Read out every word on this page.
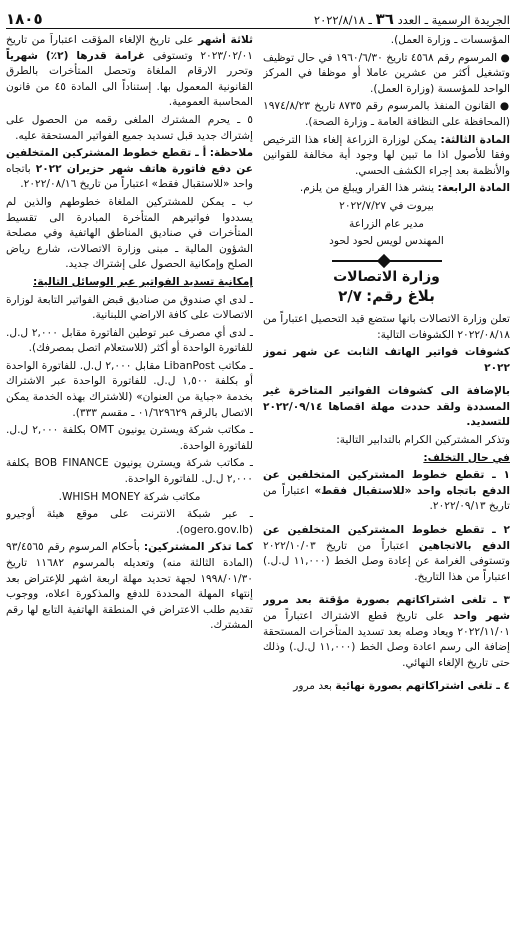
١٨٠٥	الجريدة الرسمية ـ العدد ٣٦ ـ ٢٠٢٢/٨/١٨

المؤسسات ـ وزارة العمل).

● المرسوم رقم ٤٥٦٨ تاريخ ١٩٦٠/٦/٣٠ في حال توظيف وتشغيل أكثر من عشرين عاملا أو موظفا في المركز الواحد للمؤسسة (وزارة العمل).

● القانون المنفذ بالمرسوم رقم ٨٧٣٥ تاريخ ١٩٧٤/٨/٢٣ (المحافظة على النظافة العامة ـ وزارة الصحة).

المادة الثالثة: يمكن لوزارة الزراعة إلغاء هذا الترخيص وفقا للأصول اذا ما تبين لها وجود أية مخالفة للقوانين والأنظمة بعد إجراء الكشف الحسي.

المادة الرابعة: ينشر هذا القرار ويبلغ من يلزم.

بيروت في ٢٠٢٢/٧/٢٧

مدير عام الزراعة

المهندس لويس لحود لحود

وزارة الاتصالات
بلاغ رقم: ٢/٧

تعلن وزارة الاتصالات بانها ستضع قيد التحصيل اعتباراً من ٢٠٢٢/٠٨/١٨ الكشوفات التالية:

كشوفات فواتير الهاتف الثابت عن شهر تموز ٢٠٢٢

بالإضافة الى كشوفات الفواتير المتاخرة غير المسددة ولقد حددت مهلة اقصاها ٢٠٢٢/٠٩/١٤ للتسديد.

وتذكر المشتركين الكرام بالتدابير التالية:

في حال التخلف:

١ ـ تقطع خطوط المشتركين المتخلفين عن الدفع باتجاه واحد «للاستقبال فقط» اعتباراً من تاريخ ٢٠٢٢/٠٩/١٣.

٢ ـ تقطع خطوط المشتركين المتخلفين عن الدفع بالاتجاهين اعتباراً من تاريخ ٢٠٢٢/١٠/٠٣ وتستوفى الغرامة عن إعادة وصل الخط (١١,٠٠٠ ل.ل.) اعتباراً من هذا التاريخ.

٣ ـ تلغى اشتراكاتهم بصورة مؤقتة بعد مرور شهر واحد على تاريخ قطع الاشتراك اعتباراً من ٢٠٢٢/١١/٠١ ويعاد وصله بعد تسديد المتأخرات المستحقة إضافة الى رسم اعادة وصل الخط (١١,٠٠٠ ل.ل.) وذلك حتى تاريخ الإلغاء النهائي.

٤ ـ تلغى اشتراكاتهم بصورة نهائية بعد مرور

ثلاثة أشهر على تاريخ الإلغاء المؤقت اعتباراً من تاريخ ٢٠٢٣/٠٢/٠١ وتستوفى غرامة قدرها (٢٪) شهرياً وتحرر الارقام الملغاة وتحصل المتأخرات بالطرق القانونية المعمول بها. إستناداً الى المادة ٤٥ من قانون المحاسبة العمومية.

٥ ـ يحرم المشترك الملغى رقمه من الحصول على إشتراك جديد قبل تسديد جميع الفواتير المستحقة عليه.

ملاحظة: أ ـ تقطع خطوط المشتركين المتخلفين عن دفع فاتورة هاتف شهر حزيران ٢٠٢٢ باتجاه واحد «للاستقبال فقط» اعتباراً من تاريخ ٢٠٢٢/٠٨/١٦.

ب ـ يمكن للمشتركين الملغاة خطوطهم والذين لم يسددوا فواتيرهم المتأخرة المبادرة الى تقسيط المتأخرات في صناديق المناطق الهاتفية وفي مصلحة الشؤون المالية ـ مبنى وزارة الاتصالات، شارع رياض الصلح وإمكانية الحصول على إشتراك جديد.

إمكانية تسديد الفواتير عبر الوسائل التالية:

ـ لدى اي صندوق من صناديق قبض الفواتير التابعة لوزارة الاتصالات على كافة الاراضي اللبنانية.

ـ لدى أي مصرف عبر توطين الفاتورة مقابل ٢,٠٠٠ ل.ل. للفاتورة الواحدة أو أكثر (للاستعلام اتصل بمصرفك).

ـ مكاتب LibanPost مقابل ٢,٠٠٠ ل.ل. للفاتورة الواحدة أو بكلفة ١,٥٠٠ ل.ل. للفاتورة الواحدة عبر الاشتراك بخدمة «جباية من العنوان» (للاشتراك بهذه الخدمة يمكن الاتصال بالرقم ٠١/٦٢٩٦٢٩ ـ مقسم ٣٣٣).

ـ مكاتب شركة ويسترن يونيون OMT بكلفة ٢,٠٠٠ ل.ل. للفاتورة الواحدة.

ـ مكاتب شركة ويسترن يونيون BOB FINANCE بكلفة ٢,٠٠٠ ل.ل. للفاتورة الواحدة.

مكاتب شركة WHISH MONEY.

ـ عبر شبكة الانترنت على موقع هيئة أوجيرو (ogero.gov.lb).

كما تذكر المشتركين: بأحكام المرسوم رقم ٩٣/٤٥٦٥ (المادة الثالثة منه) وتعديله بالمرسوم ١١٦٨٢ تاريخ ١٩٩٨/٠١/٣٠ لجهة تحديد مهلة اربعة اشهر للإعتراض بعد إنتهاء المهلة المحددة للدفع والمذكورة اعلاه، ووجوب تقديم طلب الاعتراض في المنطقة الهاتفية التابع لها رقم المشترك.
